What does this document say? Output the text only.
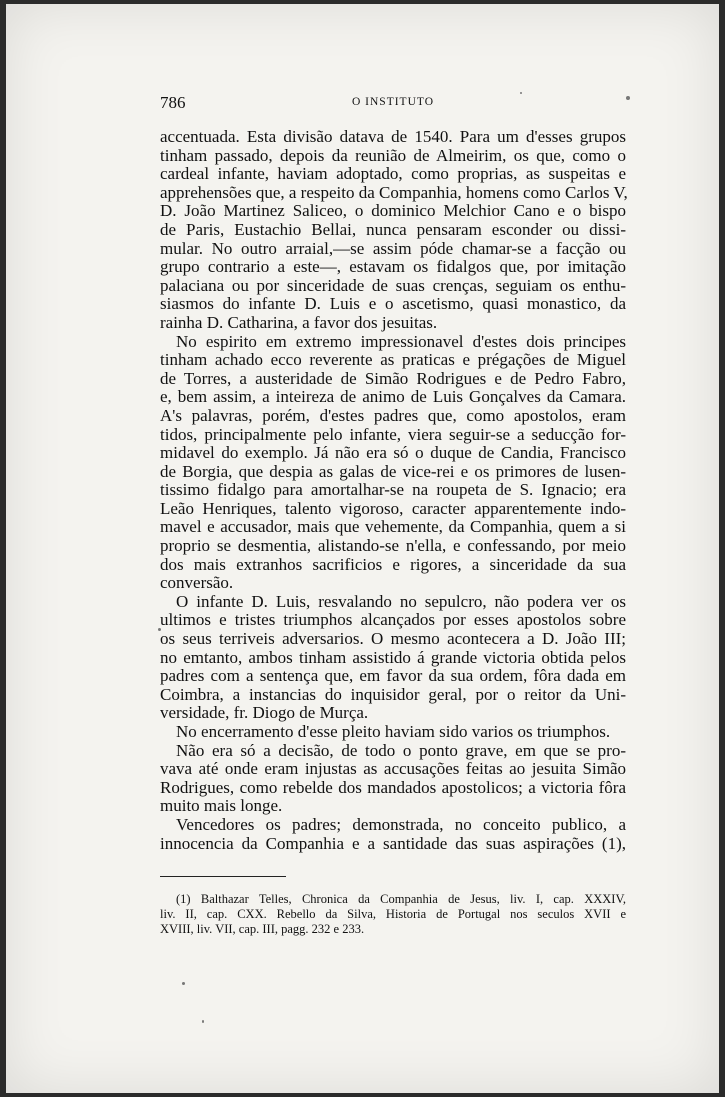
786	O INSTITUTO
accentuada. Esta divisão datava de 1540. Para um d'esses grupos
tinham passado, depois da reunião de Almeirim, os que, como o
cardeal infante, haviam adoptado, como proprias, as suspeitas e
apprehensões que, a respeito da Companhia, homens como Carlos V,
D. João Martinez Saliceo, o dominico Melchior Cano e o bispo
de Paris, Eustachio Bellai, nunca pensaram esconder ou dissi-
mular. No outro arraial,—se assim póde chamar-se a facção ou
grupo contrario a este—, estavam os fidalgos que, por imitação
palaciana ou por sinceridade de suas crenças, seguiam os enthu-
siasmos do infante D. Luis e o ascetismo, quasi monastico, da
rainha D. Catharina, a favor dos jesuitas.
No espirito em extremo impressionavel d'estes dois principes
tinham achado ecco reverente as praticas e prégações de Miguel
de Torres, a austeridade de Simão Rodrigues e de Pedro Fabro,
e, bem assim, a inteireza de animo de Luis Gonçalves da Camara.
A's palavras, porém, d'estes padres que, como apostolos, eram
tidos, principalmente pelo infante, viera seguir-se a seducção for-
midavel do exemplo. Já não era só o duque de Candia, Francisco
de Borgia, que despia as galas de vice-rei e os primores de lusen-
tissimo fidalgo para amortalhar-se na roupeta de S. Ignacio; era
Leão Henriques, talento vigoroso, caracter apparentemente indo-
mavel e accusador, mais que vehemente, da Companhia, quem a si
proprio se desmentia, alistando-se n'ella, e confessando, por meio
dos mais extranhos sacrificios e rigores, a sinceridade da sua
conversão.
O infante D. Luis, resvalando no sepulcro, não podera ver os
ultimos e tristes triumphos alcançados por esses apostolos sobre
os seus terriveis adversarios. O mesmo acontecera a D. João III;
no emtanto, ambos tinham assistido á grande victoria obtida pelos
padres com a sentença que, em favor da sua ordem, fôra dada em
Coimbra, a instancias do inquisidor geral, por o reitor da Uni-
versidade, fr. Diogo de Murça.
No encerramento d'esse pleito haviam sido varios os triumphos.
Não era só a decisão, de todo o ponto grave, em que se pro-
vava até onde eram injustas as accusações feitas ao jesuita Simão
Rodrigues, como rebelde dos mandados apostolicos; a victoria fôra
muito mais longe.
Vencedores os padres; demonstrada, no conceito publico, a
innocencia da Companhia e a santidade das suas aspirações (1),
(1) Balthazar Telles, Chronica da Companhia de Jesus, liv. I, cap. XXXIV,
liv. II, cap. CXX. Rebello da Silva, Historia de Portugal nos seculos XVII e
XVIII, liv. VII, cap. III, pagg. 232 e 233.
